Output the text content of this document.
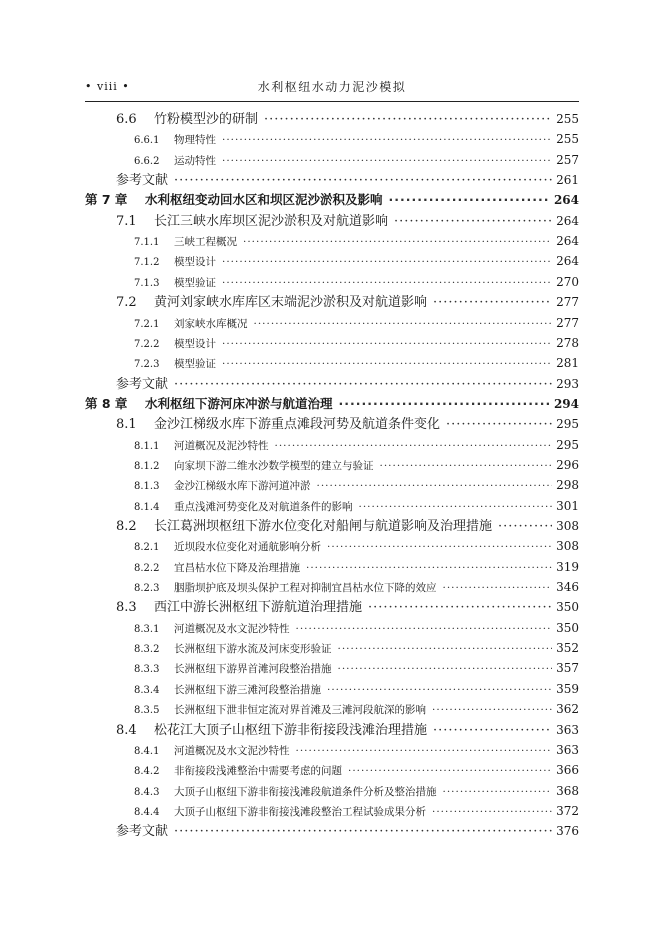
• viii •	水利枢纽水动力泥沙模拟
6.6	竹粉模型沙的研制 ·····	255
6.6.1	物理特性 ·····	255
6.6.2	运动特性 ·····	257
参考文献 ·····	261
第 7 章	水利枢纽变动回水区和坝区泥沙淤积及影响 ·····	264
7.1	长江三峡水库坝区泥沙淤积及对航道影响 ·····	264
7.1.1	三峡工程概况 ·····	264
7.1.2	模型设计 ·····	264
7.1.3	模型验证 ·····	270
7.2	黄河刘家峡水库库区末端泥沙淤积及对航道影响 ·····	277
7.2.1	刘家峡水库概况 ·····	277
7.2.2	模型设计 ·····	278
7.2.3	模型验证 ·····	281
参考文献 ·····	293
第 8 章	水利枢纽下游河床冲淤与航道治理 ·····	294
8.1	金沙江梯级水库下游重点滩段河势及航道条件变化 ·····	295
8.1.1	河道概况及泥沙特性 ·····	295
8.1.2	向家坝下游二维水沙数学模型的建立与验证 ·····	296
8.1.3	金沙江梯级水库下游河道冲淤 ·····	298
8.1.4	重点浅滩河势变化及对航道条件的影响 ·····	301
8.2	长江葛洲坝枢纽下游水位变化对船闸与航道影响及治理措施 ·····	308
8.2.1	近坝段水位变化对通航影响分析 ·····	308
8.2.2	宜昌枯水位下降及治理措施 ·····	319
8.2.3	胭脂坝护底及坝头保护工程对抑制宜昌枯水位下降的效应 ·····	346
8.3	西江中游长洲枢纽下游航道治理措施 ·····	350
8.3.1	河道概况及水文泥沙特性 ·····	350
8.3.2	长洲枢纽下游水流及河床变形验证 ·····	352
8.3.3	长洲枢纽下游界首滩河段整治措施 ·····	357
8.3.4	长洲枢纽下游三滩河段整治措施 ·····	359
8.3.5	长洲枢纽下泄非恒定流对界首滩及三滩河段航深的影响 ·····	362
8.4	松花江大顶子山枢纽下游非衔接段浅滩治理措施 ·····	363
8.4.1	河道概况及水文泥沙特性 ·····	363
8.4.2	非衔接段浅滩整治中需要考虑的问题 ·····	366
8.4.3	大顶子山枢纽下游非衔接浅滩段航道条件分析及整治措施 ·····	368
8.4.4	大顶子山枢纽下游非衔接浅滩段整治工程试验成果分析 ·····	372
参考文献 ·····	376
